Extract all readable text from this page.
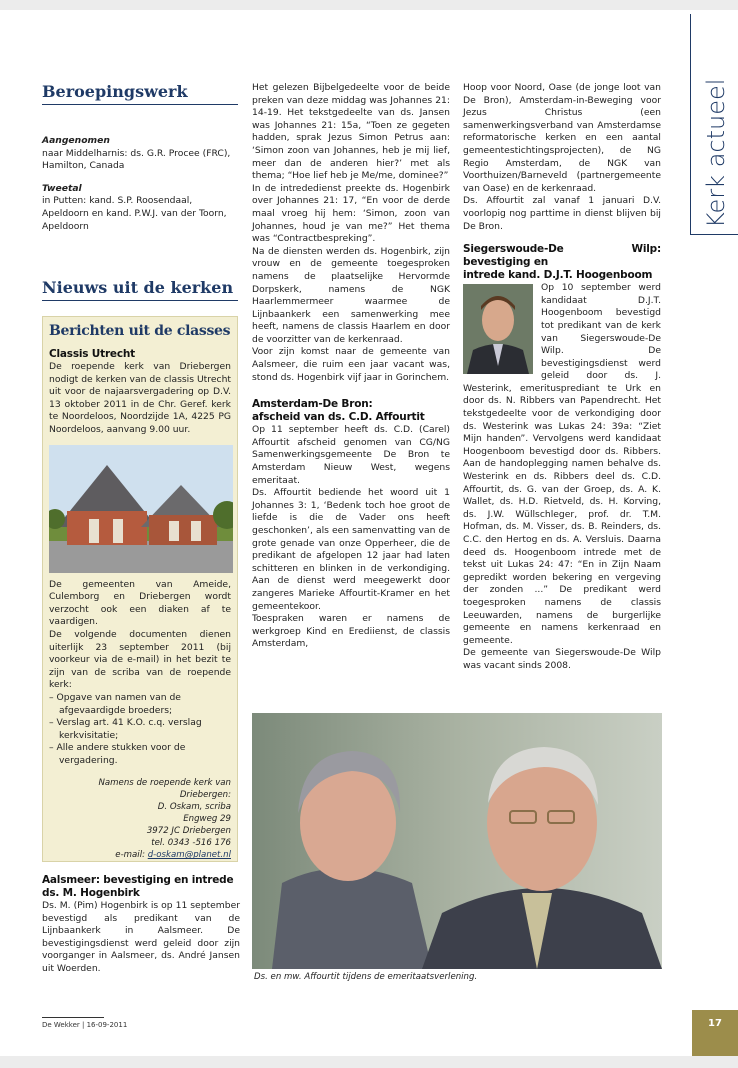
Kerk actueel
Beroepingswerk

Aangenomen

naar Middelharnis: ds. G.R. Procee (FRC), Hamilton, Canada

Tweetal

in Putten: kand. S.P. Roosendaal, Apeldoorn en kand. P.W.J. van der Toorn, Apeldoorn

Nieuws uit de kerken
Berichten uit de classes

Classis Utrecht

De roepende kerk van Driebergen nodigt de kerken van de classis Utrecht uit voor de najaarsvergadering op D.V. 13 oktober 2011 in de Chr. Geref. kerk te Noordeloos, Noordzijde 1A, 4225 PG Noordeloos, aanvang 9.00 uur.

De gemeenten van Ameide, Culemborg en Driebergen wordt verzocht ook een diaken af te vaardigen.

De volgende documenten dienen uiterlijk 23 september 2011 (bij voorkeur via de e-mail) in het bezit te zijn van de scriba van de roepende kerk:

– Opgave van namen van de afgevaardigde broeders;

– Verslag art. 41 K.O. c.q. verslag kerkvisitatie;

– Alle andere stukken voor de vergadering.

Namens de roepende kerk van Driebergen:

D. Oskam, scriba

Engweg 29

3972 JC Driebergen

tel. 0343 -516 176

e-mail: d-oskam@planet.nl

Aalsmeer: bevestiging en intrede

ds. M. Hogenbirk

Ds. M. (Pim) Hogenbirk is op 11 september bevestigd als predikant van de Lijnbaankerk in Aalsmeer. De bevestigingsdienst werd geleid door zijn voorganger in Aalsmeer, ds. André Jansen uit Woerden.

Het gelezen Bijbelgedeelte voor de beide preken van deze middag was Johannes 21: 14-19. Het tekstgedeelte van ds. Jansen was Johannes 21: 15a, “Toen ze gegeten hadden, sprak Jezus Simon Petrus aan: ‘Simon zoon van Johannes, heb je mij lief, meer dan de anderen hier?’ met als thema; “Hoe lief heb je Me/me, dominee?”

In de intrededienst preekte ds. Hogenbirk over Johannes 21: 17, “En voor de derde maal vroeg hij hem: ‘Simon, zoon van Johannes, houd je van me?” Het thema was “Contractbespreking”.

Na de diensten werden ds. Hogenbirk, zijn vrouw en de gemeente toegesproken namens de plaatselijke Hervormde Dorpskerk, namens de NGK Haarlemmermeer waarmee de Lijnbaankerk een samenwerking mee heeft, namens de classis Haarlem en door de voorzitter van de kerkenraad.

Voor zijn komst naar de gemeente van Aalsmeer, die ruim een jaar vacant was, stond ds. Hogenbirk vijf jaar in Gorinchem.

Amsterdam-De Bron:

afscheid van ds. C.D. Affourtit

Op 11 september heeft ds. C.D. (Carel) Affourtit afscheid genomen van CG/NG Samenwerkingsgemeente De Bron te Amsterdam Nieuw West, wegens emeritaat.

Ds. Affourtit bediende het woord uit 1 Johannes 3: 1, ‘Bedenk toch hoe groot de liefde is die de Vader ons heeft geschonken’, als een samenvatting van de grote genade van onze Opperheer, die de predikant de afgelopen 12 jaar had laten schitteren en blinken in de verkondiging. Aan de dienst werd meegewerkt door zangeres Marieke Affourtit-Kramer en het gemeentekoor.

Toespraken waren er namens de werkgroep Kind en Erediienst, de classis Amsterdam,

Hoop voor Noord, Oase (de jonge loot van De Bron), Amsterdam-in-Beweging voor Jezus Christus (een samenwerkingsverband van Amsterdamse reformatorische kerken en een aantal gemeentestichtingsprojecten), de NG Regio Amsterdam, de NGK van Voorthuizen/Barneveld (partnergemeente van Oase) en de kerkenraad.

Ds. Affourtit zal vanaf 1 januari D.V. voorlopig nog parttime in dienst blijven bij De Bron.

Siegerswoude-De Wilp: bevestiging en

intrede kand. D.J.T. Hoogenboom

Op 10 september werd kandidaat D.J.T. Hoogenboom bevestigd tot predikant van de kerk van Siegerswoude-De Wilp. De bevestigingsdienst werd geleid door ds. J. Westerink, emeritusprediant te Urk en door ds. N. Ribbers van Papendrecht. Het tekstgedeelte voor de verkondiging door ds. Westerink was Lukas 24: 39a: “Ziet Mijn handen”. Vervolgens werd kandidaat Hoogenboom bevestigd door ds. Ribbers. Aan de handoplegging namen behalve ds. Westerink en ds. Ribbers deel ds. C.D. Affourtit, ds. G. van der Groep, ds. A. K. Wallet, ds. H.D. Rietveld, ds. H. Korving, ds. J.W. Wüllschleger, prof. dr. T.M. Hofman, ds. M. Visser, ds. B. Reinders, ds. C.C. den Hertog en ds. A. Versluis. Daarna deed ds. Hoogenboom intrede met de tekst uit Lukas 24: 47: “En in Zijn Naam gepredikt worden bekering en vergeving der zonden ...” De predikant werd toegesproken namens de classis Leeuwarden, namens de burgerlijke gemeente en namens kerkenraad en gemeente.

De gemeente van Siegerswoude-De Wilp was vacant sinds 2008.

Ds. en mw. Affourtit tijdens de emeritaatsverlening.
De Wekker | 16-09-2011	17
